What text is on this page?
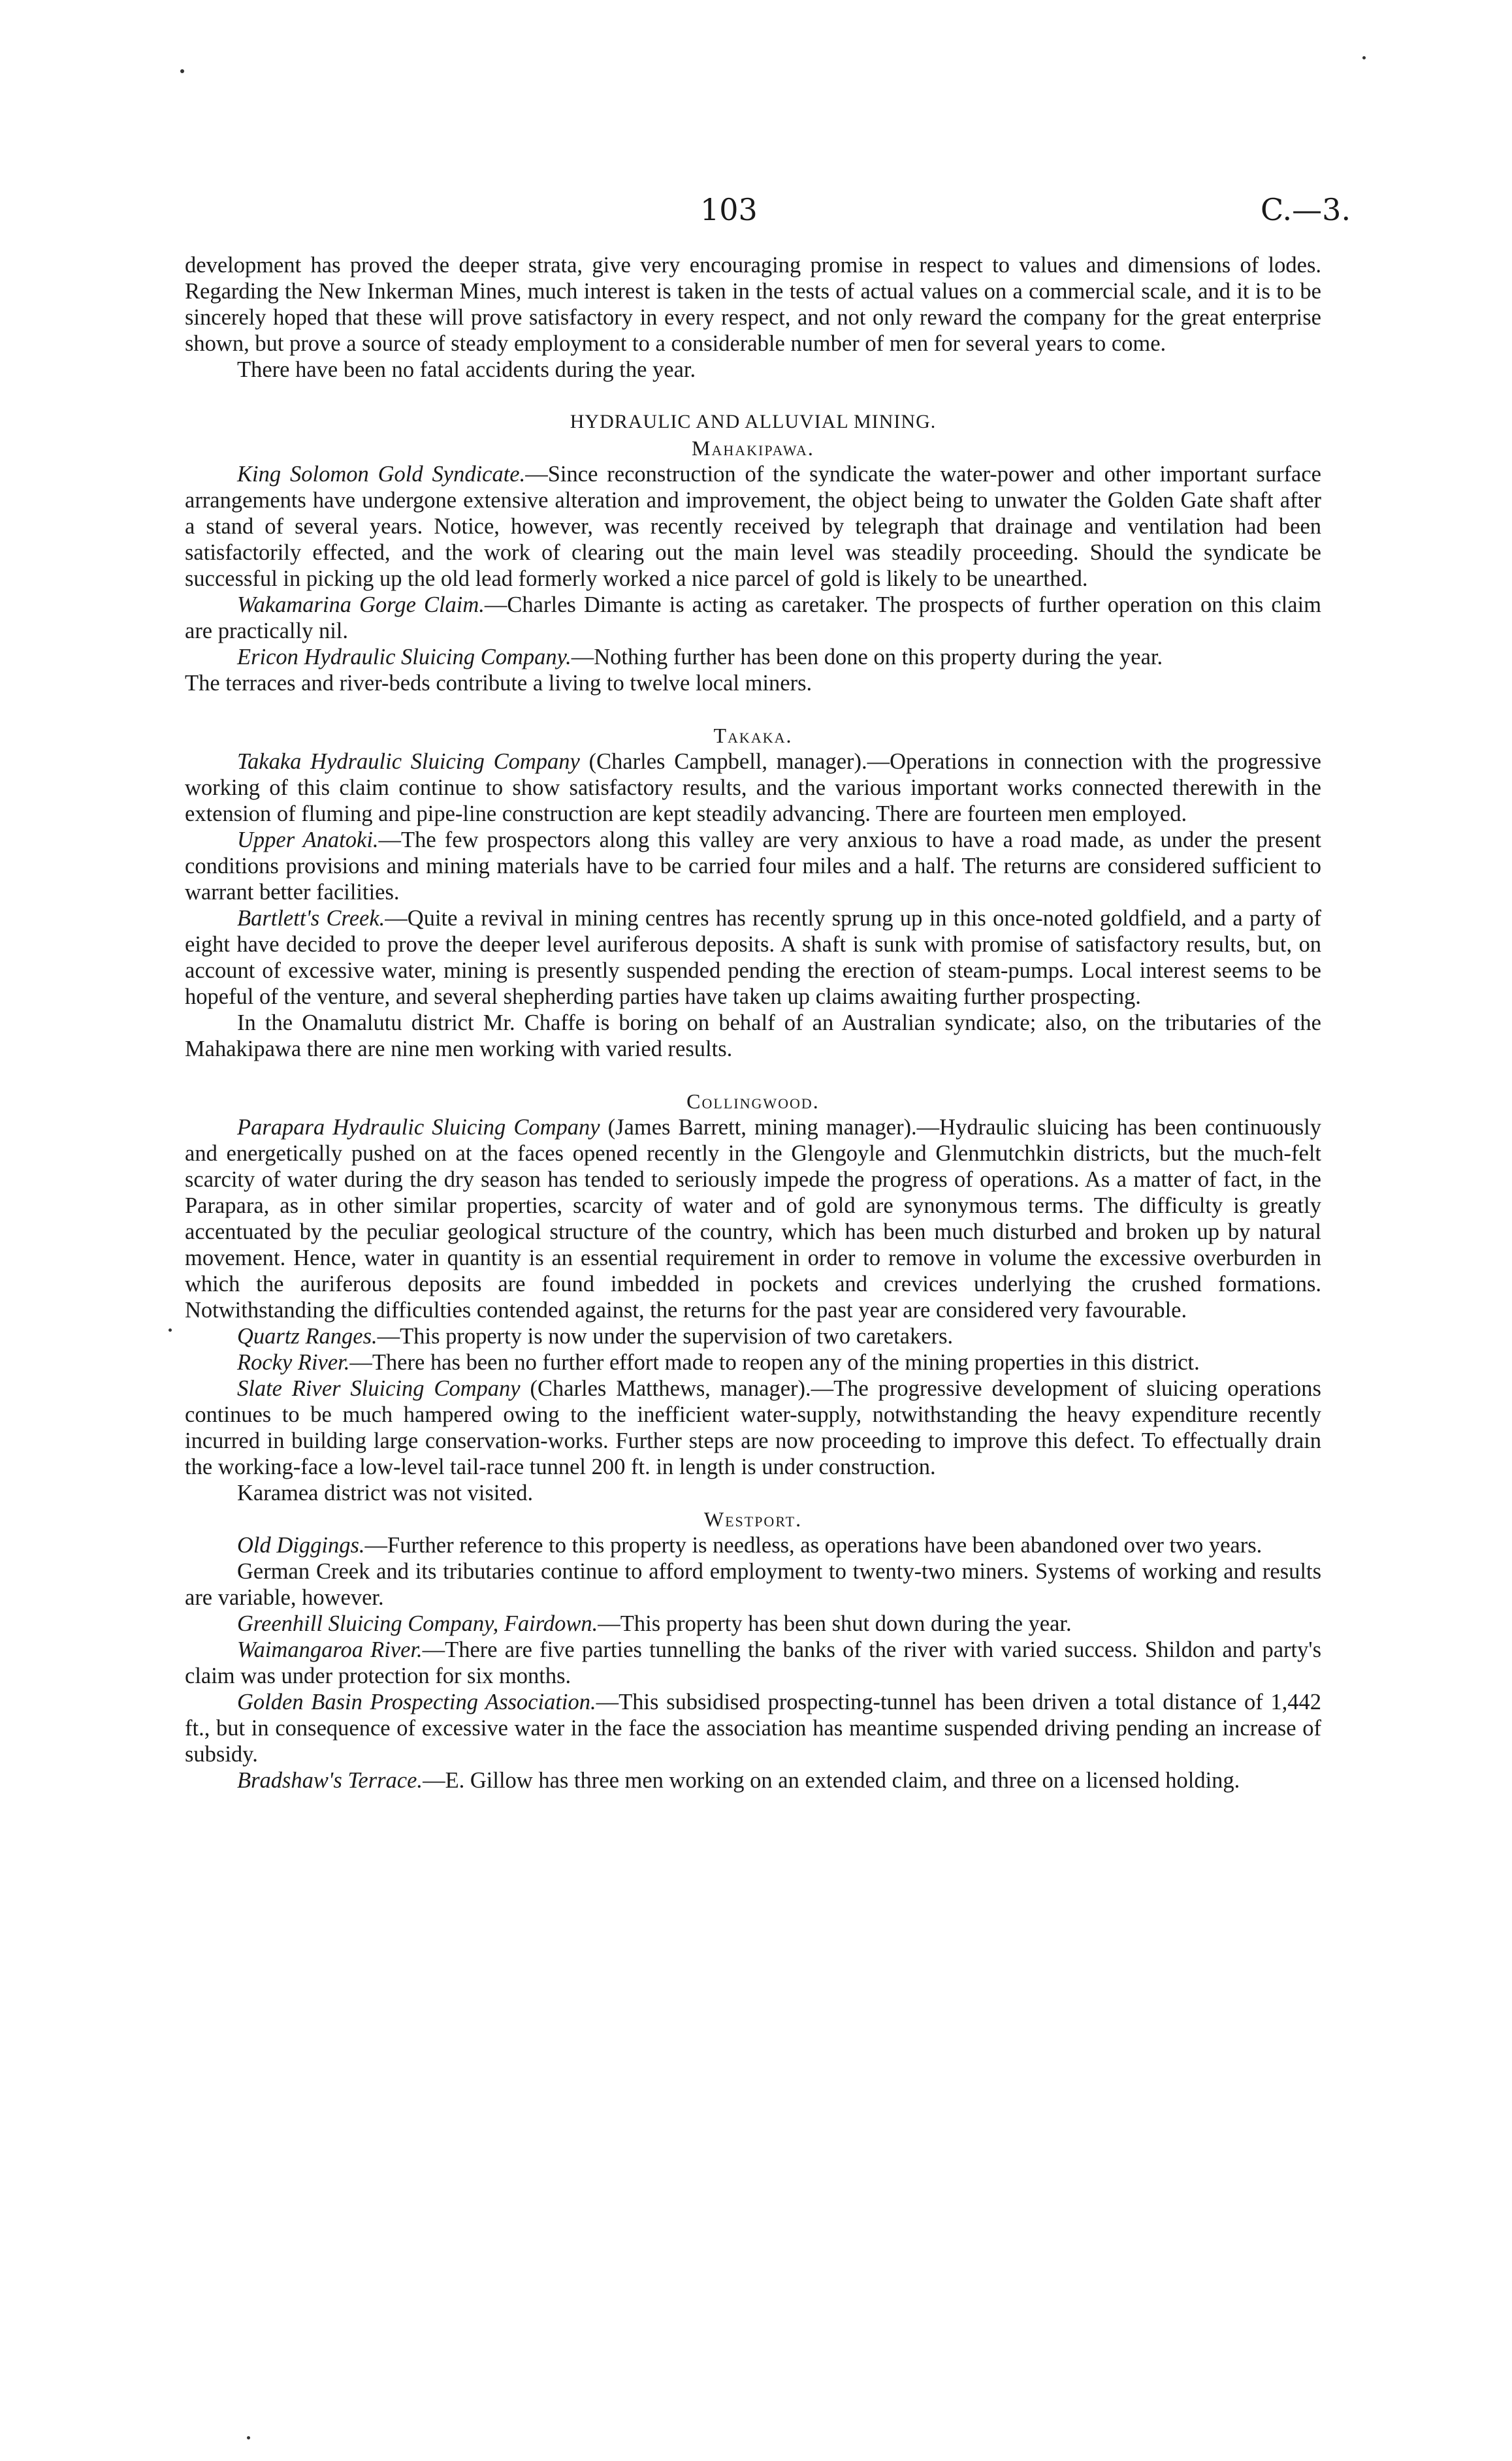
103	C.—3.

development has proved the deeper strata, give very encouraging promise in respect to values and dimensions of lodes. Regarding the New Inkerman Mines, much interest is taken in the tests of actual values on a commercial scale, and it is to be sincerely hoped that these will prove satisfactory in every respect, and not only reward the company for the great enterprise shown, but prove a source of steady employment to a considerable number of men for several years to come.

There have been no fatal accidents during the year.

HYDRAULIC AND ALLUVIAL MINING.

Mahakipawa.

King Solomon Gold Syndicate.—Since reconstruction of the syndicate the water-power and other important surface arrangements have undergone extensive alteration and improvement, the object being to unwater the Golden Gate shaft after a stand of several years. Notice, however, was recently received by telegraph that drainage and ventilation had been satisfactorily effected, and the work of clearing out the main level was steadily proceeding. Should the syndicate be successful in picking up the old lead formerly worked a nice parcel of gold is likely to be unearthed.

Wakamarina Gorge Claim.—Charles Dimante is acting as caretaker. The prospects of further operation on this claim are practically nil.

Ericon Hydraulic Sluicing Company.—Nothing further has been done on this property during the year.

The terraces and river-beds contribute a living to twelve local miners.

Takaka.

Takaka Hydraulic Sluicing Company (Charles Campbell, manager).—Operations in connection with the progressive working of this claim continue to show satisfactory results, and the various important works connected therewith in the extension of fluming and pipe-line construction are kept steadily advancing. There are fourteen men employed.

Upper Anatoki.—The few prospectors along this valley are very anxious to have a road made, as under the present conditions provisions and mining materials have to be carried four miles and a half. The returns are considered sufficient to warrant better facilities.

Bartlett's Creek.—Quite a revival in mining centres has recently sprung up in this once-noted goldfield, and a party of eight have decided to prove the deeper level auriferous deposits. A shaft is sunk with promise of satisfactory results, but, on account of excessive water, mining is presently suspended pending the erection of steam-pumps. Local interest seems to be hopeful of the venture, and several shepherding parties have taken up claims awaiting further prospecting.

In the Onamalutu district Mr. Chaffe is boring on behalf of an Australian syndicate; also, on the tributaries of the Mahakipawa there are nine men working with varied results.

Collingwood.

Parapara Hydraulic Sluicing Company (James Barrett, mining manager).—Hydraulic sluicing has been continuously and energetically pushed on at the faces opened recently in the Glengoyle and Glenmutchkin districts, but the much-felt scarcity of water during the dry season has tended to seriously impede the progress of operations. As a matter of fact, in the Parapara, as in other similar properties, scarcity of water and of gold are synonymous terms. The difficulty is greatly accentuated by the peculiar geological structure of the country, which has been much disturbed and broken up by natural movement. Hence, water in quantity is an essential requirement in order to remove in volume the excessive overburden in which the auriferous deposits are found imbedded in pockets and crevices underlying the crushed formations. Notwithstanding the difficulties contended against, the returns for the past year are considered very favourable.

Quartz Ranges.—This property is now under the supervision of two caretakers.

Rocky River.—There has been no further effort made to reopen any of the mining properties in this district.

Slate River Sluicing Company (Charles Matthews, manager).—The progressive development of sluicing operations continues to be much hampered owing to the inefficient water-supply, notwithstanding the heavy expenditure recently incurred in building large conservation-works. Further steps are now proceeding to improve this defect. To effectually drain the working-face a low-level tail-race tunnel 200 ft. in length is under construction.

Karamea district was not visited.

Westport.

Old Diggings.—Further reference to this property is needless, as operations have been abandoned over two years.

German Creek and its tributaries continue to afford employment to twenty-two miners. Systems of working and results are variable, however.

Greenhill Sluicing Company, Fairdown.—This property has been shut down during the year.

Waimangaroa River.—There are five parties tunnelling the banks of the river with varied success. Shildon and party's claim was under protection for six months.

Golden Basin Prospecting Association.—This subsidised prospecting-tunnel has been driven a total distance of 1,442 ft., but in consequence of excessive water in the face the association has meantime suspended driving pending an increase of subsidy.

Bradshaw's Terrace.—E. Gillow has three men working on an extended claim, and three on a licensed holding.
